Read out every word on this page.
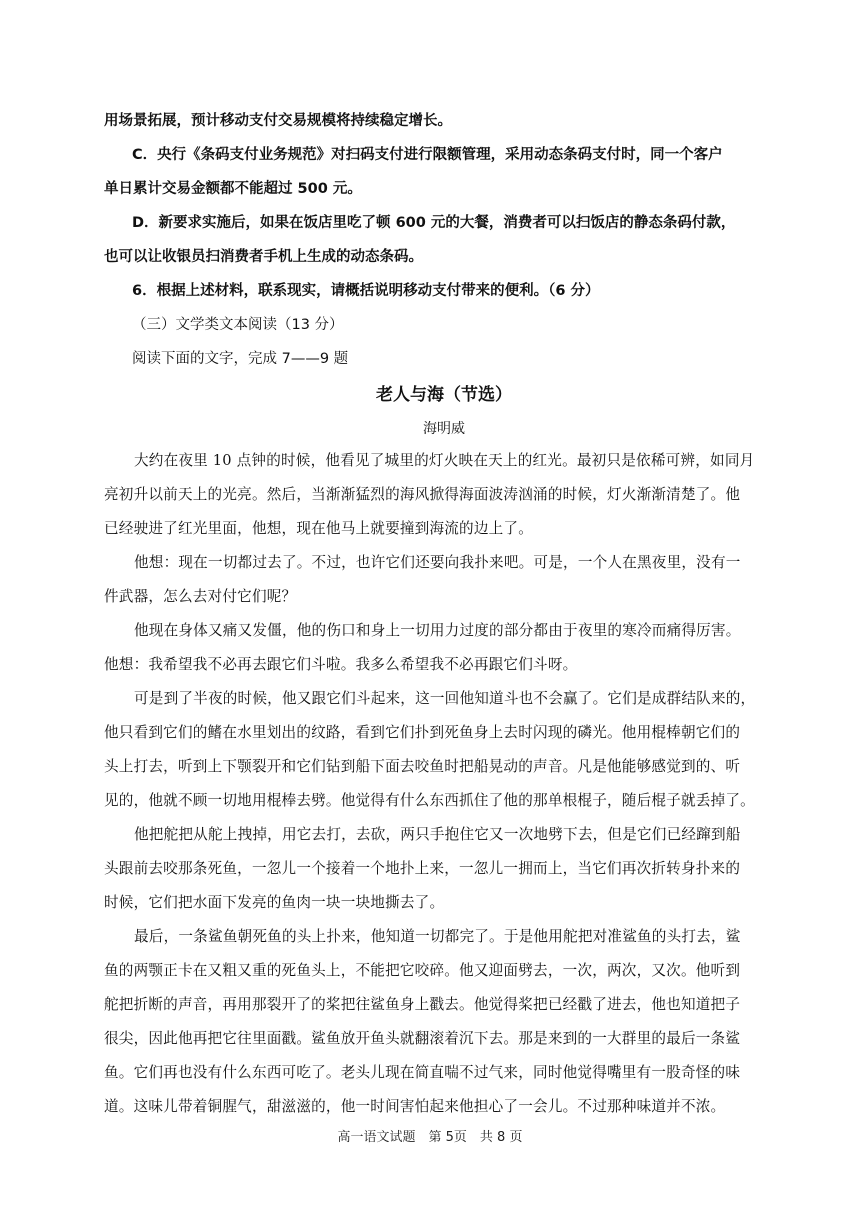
用场景拓展，预计移动支付交易规模将持续稳定增长。
C．央行《条码支付业务规范》对扫码支付进行限额管理，采用动态条码支付时，同一个客户
单日累计交易金额都不能超过 500 元。
D．新要求实施后，如果在饭店里吃了顿 600 元的大餐，消费者可以扫饭店的静态条码付款，
也可以让收银员扫消费者手机上生成的动态条码。
6．根据上述材料，联系现实，请概括说明移动支付带来的便利。（6 分）
（三）文学类文本阅读（13 分）
阅读下面的文字，完成 7——9 题
老人与海（节选）
海明威
大约在夜里 10 点钟的时候，他看见了城里的灯火映在天上的红光。最初只是依稀可辨，如同月
亮初升以前天上的光亮。然后，当渐渐猛烈的海风掀得海面波涛汹涌的时候，灯火渐渐清楚了。他
已经驶进了红光里面，他想，现在他马上就要撞到海流的边上了。
他想：现在一切都过去了。不过，也许它们还要向我扑来吧。可是，一个人在黑夜里，没有一
件武器，怎么去对付它们呢？
他现在身体又痛又发僵，他的伤口和身上一切用力过度的部分都由于夜里的寒冷而痛得厉害。
他想：我希望我不必再去跟它们斗啦。我多么希望我不必再跟它们斗呀。
可是到了半夜的时候，他又跟它们斗起来，这一回他知道斗也不会赢了。它们是成群结队来的，
他只看到它们的鳍在水里划出的纹路，看到它们扑到死鱼身上去时闪现的磷光。他用棍棒朝它们的
头上打去，听到上下颚裂开和它们钻到船下面去咬鱼时把船晃动的声音。凡是他能够感觉到的、听
见的，他就不顾一切地用棍棒去劈。他觉得有什么东西抓住了他的那单根棍子，随后棍子就丢掉了。
他把舵把从舵上拽掉，用它去打，去砍，两只手抱住它又一次地劈下去，但是它们已经蹿到船
头跟前去咬那条死鱼，一忽儿一个接着一个地扑上来，一忽儿一拥而上，当它们再次折转身扑来的
时候，它们把水面下发亮的鱼肉一块一块地撕去了。
最后，一条鲨鱼朝死鱼的头上扑来，他知道一切都完了。于是他用舵把对准鲨鱼的头打去，鲨
鱼的两颚正卡在又粗又重的死鱼头上，不能把它咬碎。他又迎面劈去，一次，两次，又次。他听到
舵把折断的声音，再用那裂开了的桨把往鲨鱼身上戳去。他觉得桨把已经戳了进去，他也知道把子
很尖，因此他再把它往里面戳。鲨鱼放开鱼头就翻滚着沉下去。那是来到的一大群里的最后一条鲨
鱼。它们再也没有什么东西可吃了。老头儿现在简直喘不过气来，同时他觉得嘴里有一股奇怪的味
道。这味儿带着铜腥气，甜滋滋的，他一时间害怕起来他担心了一会儿。不过那种味道并不浓。
高一语文试题　第 5页　共 8 页
